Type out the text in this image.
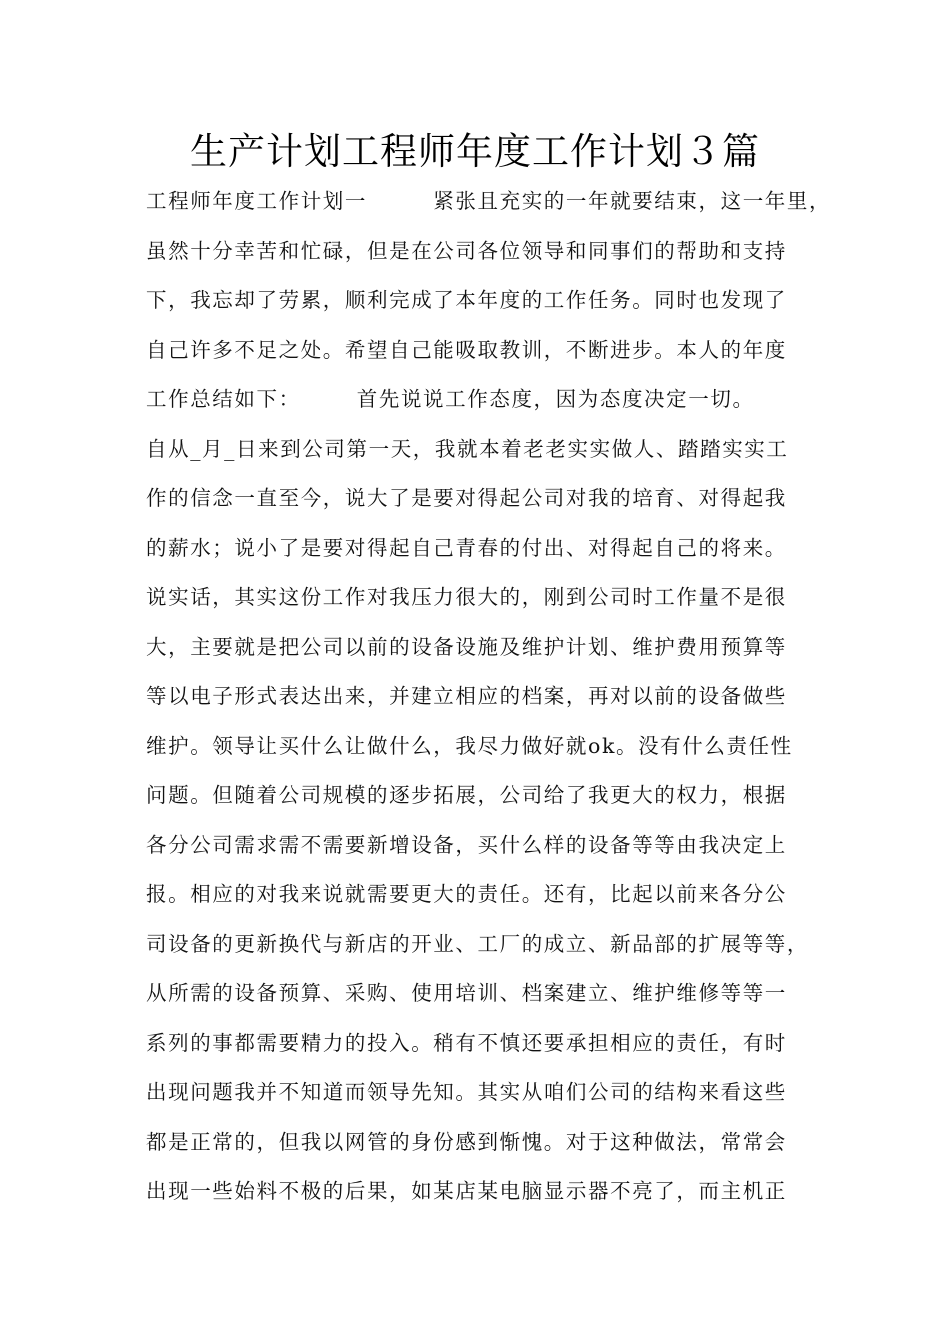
生产计划工程师年度工作计划３篇
工程师年度工作计划一　　　紧张且充实的一年就要结束，这一年里，
虽然十分幸苦和忙碌，但是在公司各位领导和同事们的帮助和支持
下，我忘却了劳累，顺利完成了本年度的工作任务。同时也发现了
自己许多不足之处。希望自己能吸取教训，不断进步。本人的年度
工作总结如下：　　　首先说说工作态度，因为态度决定一切。
自从_月_日来到公司第一天，我就本着老老实实做人、踏踏实实工
作的信念一直至今，说大了是要对得起公司对我的培育、对得起我
的薪水；说小了是要对得起自己青春的付出、对得起自己的将来。
说实话，其实这份工作对我压力很大的，刚到公司时工作量不是很
大，主要就是把公司以前的设备设施及维护计划、维护费用预算等
等以电子形式表达出来，并建立相应的档案，再对以前的设备做些
维护。领导让买什么让做什么，我尽力做好就ok。没有什么责任性
问题。但随着公司规模的逐步拓展，公司给了我更大的权力，根据
各分公司需求需不需要新增设备，买什么样的设备等等由我决定上
报。相应的对我来说就需要更大的责任。还有，比起以前来各分公
司设备的更新换代与新店的开业、工厂的成立、新品部的扩展等等，
从所需的设备预算、采购、使用培训、档案建立、维护维修等等一
系列的事都需要精力的投入。稍有不慎还要承担相应的责任，有时
出现问题我并不知道而领导先知。其实从咱们公司的结构来看这些
都是正常的，但我以网管的身份感到惭愧。对于这种做法，常常会
出现一些始料不极的后果，如某店某电脑显示器不亮了，而主机正
